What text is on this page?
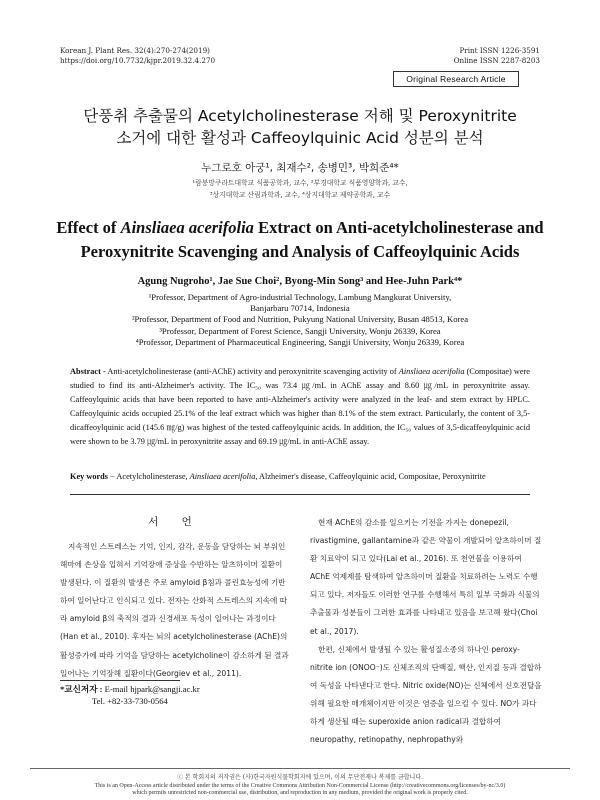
Korean J. Plant Res. 32(4):270-274(2019)
https://doi.org/10.7732/kjpr.2019.32.4.270
Print ISSN 1226-3591
Online ISSN 2287-8203
Original Research Article
단풍취 추출물의 Acetylcholinesterase 저해 및 Peroxynitrite
소거에 대한 활성과 Caffeoylquinic Acid 성분의 분석
누그로호 아궁¹, 최재수², 송병민³, 박희준⁴*
¹람붕망쿠라트대학교 식품공학과, 교수, ²부경대학교 식품영양학과, 교수,
³상지대학교 산림과학과, 교수, ⁴상지대학교 제약공학과, 교수
Effect of Ainsliaea acerifolia Extract on Anti-acetylcholinesterase and
Peroxynitrite Scavenging and Analysis of Caffeoylquinic Acids
Agung Nugroho¹, Jae Sue Choi², Byong-Min Song³ and Hee-Juhn Park⁴*
¹Professor, Department of Agro-industrial Technology, Lambung Mangkurat University,
Banjarbaru 70714, Indonesia
²Professor, Department of Food and Nutrition, Pukyung National University, Busan 48513, Korea
³Professor, Department of Forest Science, Sangji University, Wonju 26339, Korea
⁴Professor, Department of Pharmaceutical Engineering, Sangji University, Wonju 26339, Korea
Abstract - Anti-acetylcholinesterase (anti-AChE) activity and peroxynitrite scavenging activity of Ainsliaea acerifolia (Compositae) were studied to find its anti-Alzheimer's activity. The IC₅₀ was 73.4 ㎍/mL in AChE assay and 8.60 ㎍/mL in peroxynitrite assay. Caffeoylquinic acids that have been reported to have anti-Alzheimer's activity were analyzed in the leaf- and stem extract by HPLC. Caffeoylquinic acids occupied 25.1% of the leaf extract which was higher than 8.1% of the stem extract. Particularly, the content of 3,5-dicaffeoylquinic acid (145.6 ㎎/g) was highest of the tested caffeoylquinic acids. In addition, the IC₅₀ values of 3,5-dicaffeoylquinic acid were shown to be 3.79 ㎍/mL in peroxynitrite assay and 69.19 ㎍/mL in anti-AChE assay.
Key words − Acetylcholinesterase, Ainsliaea acerifolia, Alzheimer's disease, Caffeoylquinic acid, Compositae, Peroxynitrite
서 언

지속적인 스트레스는 기억, 인지, 감각, 운동을 담당하는 뇌 부위인 해마에 손상을 입혀서 기억장애 증상을 수반하는 알츠하이머 질환이 발생된다. 이 질환의 발생은 주로 amyloid β침과 콜린효능성에 기반하여 일어난다고 인식되고 있다. 전자는 산화적 스트레스의 지속에 따라 amyloid β의 축적의 결과 신경세포 독성이 일어나는 과정이다(Han et al., 2010). 후자는 뇌의 acetylcholinesterase (AChE)의 활성증가에 따라 기억을 담당하는 acetylcholine이 감소하게 된 결과 일어나는 기억장해 질환이다(Georgiev et al., 2011).

현재 AChE의 감소를 일으키는 기전을 가지는 donepezil, rivastigmine, gallantamine과 같은 약물이 개발되어 알츠하이머 질환 치료약이 되고 있다(Lai et al., 2016). 또 천연물을 이용하여 AChE 억제제를 탐색하여 알츠하이머 질환을 치료하려는 노력도 수행되고 있다. 저자들도 이러한 연구를 수행해서 특히 일부 국화과 식물의 추출물과 성분들이 그러한 효과를 나타내고 있음을 보고해 왔다(Choi et al., 2017).

한편, 신체에서 발생될 수 있는 활성질소종의 하나인 peroxy-nitrite ion (ONOO⁻)도 신체조직의 단백질, 핵산, 인지질 등과 결합하여 독성을 나타낸다고 한다. Nitric oxide(NO)는 신체에서 신호전달을 위해 필요한 매개체이지만 이것은 염증을 일으킬 수 있다. NO가 과다하게 생산될 때는 superoxide anion radical과 결합하여 neuropathy, retinopathy, nephropathy와

*교신저자 : E-mail hjpark@sangji.ac.kr
Tel. +82-33-730-0564
ⓒ 본 학회지의 저작권은 (사)한국자원식물학회지에 있으며, 이의 무단전재나 복제를 금합니다.
This is an Open-Access article distributed under the terms of the Creative Commons Attribution Non-Commercial License (http://creativecommons.org/licenses/by-nc/3.0)
which permits unrestricted non-commercial use, distribution, and reproduction in any medium, provided the original work is properly cited.
